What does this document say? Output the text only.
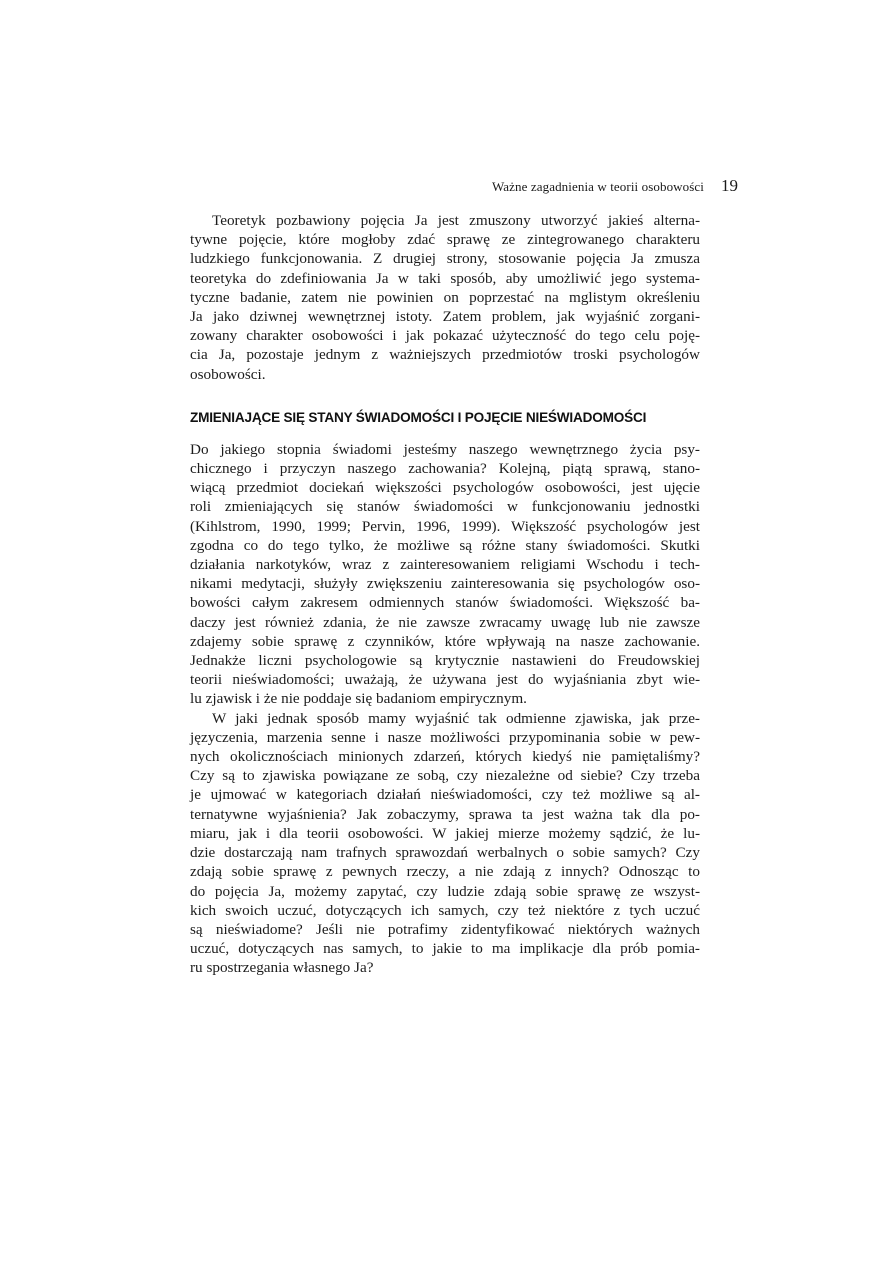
Ważne zagadnienia w teorii osobowości 19

Teoretyk pozbawiony pojęcia Ja jest zmuszony utworzyć jakieś alterna-
tywne pojęcie, które mogłoby zdać sprawę ze zintegrowanego charakteru
ludzkiego funkcjonowania. Z drugiej strony, stosowanie pojęcia Ja zmusza
teoretyka do zdefiniowania Ja w taki sposób, aby umożliwić jego systema-
tyczne badanie, zatem nie powinien on poprzestać na mglistym określeniu
Ja jako dziwnej wewnętrznej istoty. Zatem problem, jak wyjaśnić zorgani-
zowany charakter osobowości i jak pokazać użyteczność do tego celu poję-
cia Ja, pozostaje jednym z ważniejszych przedmiotów troski psychologów
osobowości.

ZMIENIAJĄCE SIĘ STANY ŚWIADOMOŚCI I POJĘCIE NIEŚWIADOMOŚCI

Do jakiego stopnia świadomi jesteśmy naszego wewnętrznego życia psy-
chicznego i przyczyn naszego zachowania? Kolejną, piątą sprawą, stano-
wiącą przedmiot dociekań większości psychologów osobowości, jest ujęcie
roli zmieniających się stanów świadomości w funkcjonowaniu jednostki
(Kihlstrom, 1990, 1999; Pervin, 1996, 1999). Większość psychologów jest
zgodna co do tego tylko, że możliwe są różne stany świadomości. Skutki
działania narkotyków, wraz z zainteresowaniem religiami Wschodu i tech-
nikami medytacji, służyły zwiększeniu zainteresowania się psychologów oso-
bowości całym zakresem odmiennych stanów świadomości. Większość ba-
daczy jest również zdania, że nie zawsze zwracamy uwagę lub nie zawsze
zdajemy sobie sprawę z czynników, które wpływają na nasze zachowanie.
Jednakże liczni psychologowie są krytycznie nastawieni do Freudowskiej
teorii nieświadomości; uważają, że używana jest do wyjaśniania zbyt wie-
lu zjawisk i że nie poddaje się badaniom empirycznym.

W jaki jednak sposób mamy wyjaśnić tak odmienne zjawiska, jak prze-
języczenia, marzenia senne i nasze możliwości przypominania sobie w pew-
nych okolicznościach minionych zdarzeń, których kiedyś nie pamiętaliśmy?
Czy są to zjawiska powiązane ze sobą, czy niezależne od siebie? Czy trzeba
je ujmować w kategoriach działań nieświadomości, czy też możliwe są al-
ternatywne wyjaśnienia? Jak zobaczymy, sprawa ta jest ważna tak dla po-
miaru, jak i dla teorii osobowości. W jakiej mierze możemy sądzić, że lu-
dzie dostarczają nam trafnych sprawozdań werbalnych o sobie samych? Czy
zdają sobie sprawę z pewnych rzeczy, a nie zdają z innych? Odnosząc to
do pojęcia Ja, możemy zapytać, czy ludzie zdają sobie sprawę ze wszyst-
kich swoich uczuć, dotyczących ich samych, czy też niektóre z tych uczuć
są nieświadome? Jeśli nie potrafimy zidentyfikować niektórych ważnych
uczuć, dotyczących nas samych, to jakie to ma implikacje dla prób pomia-
ru spostrzegania własnego Ja?
